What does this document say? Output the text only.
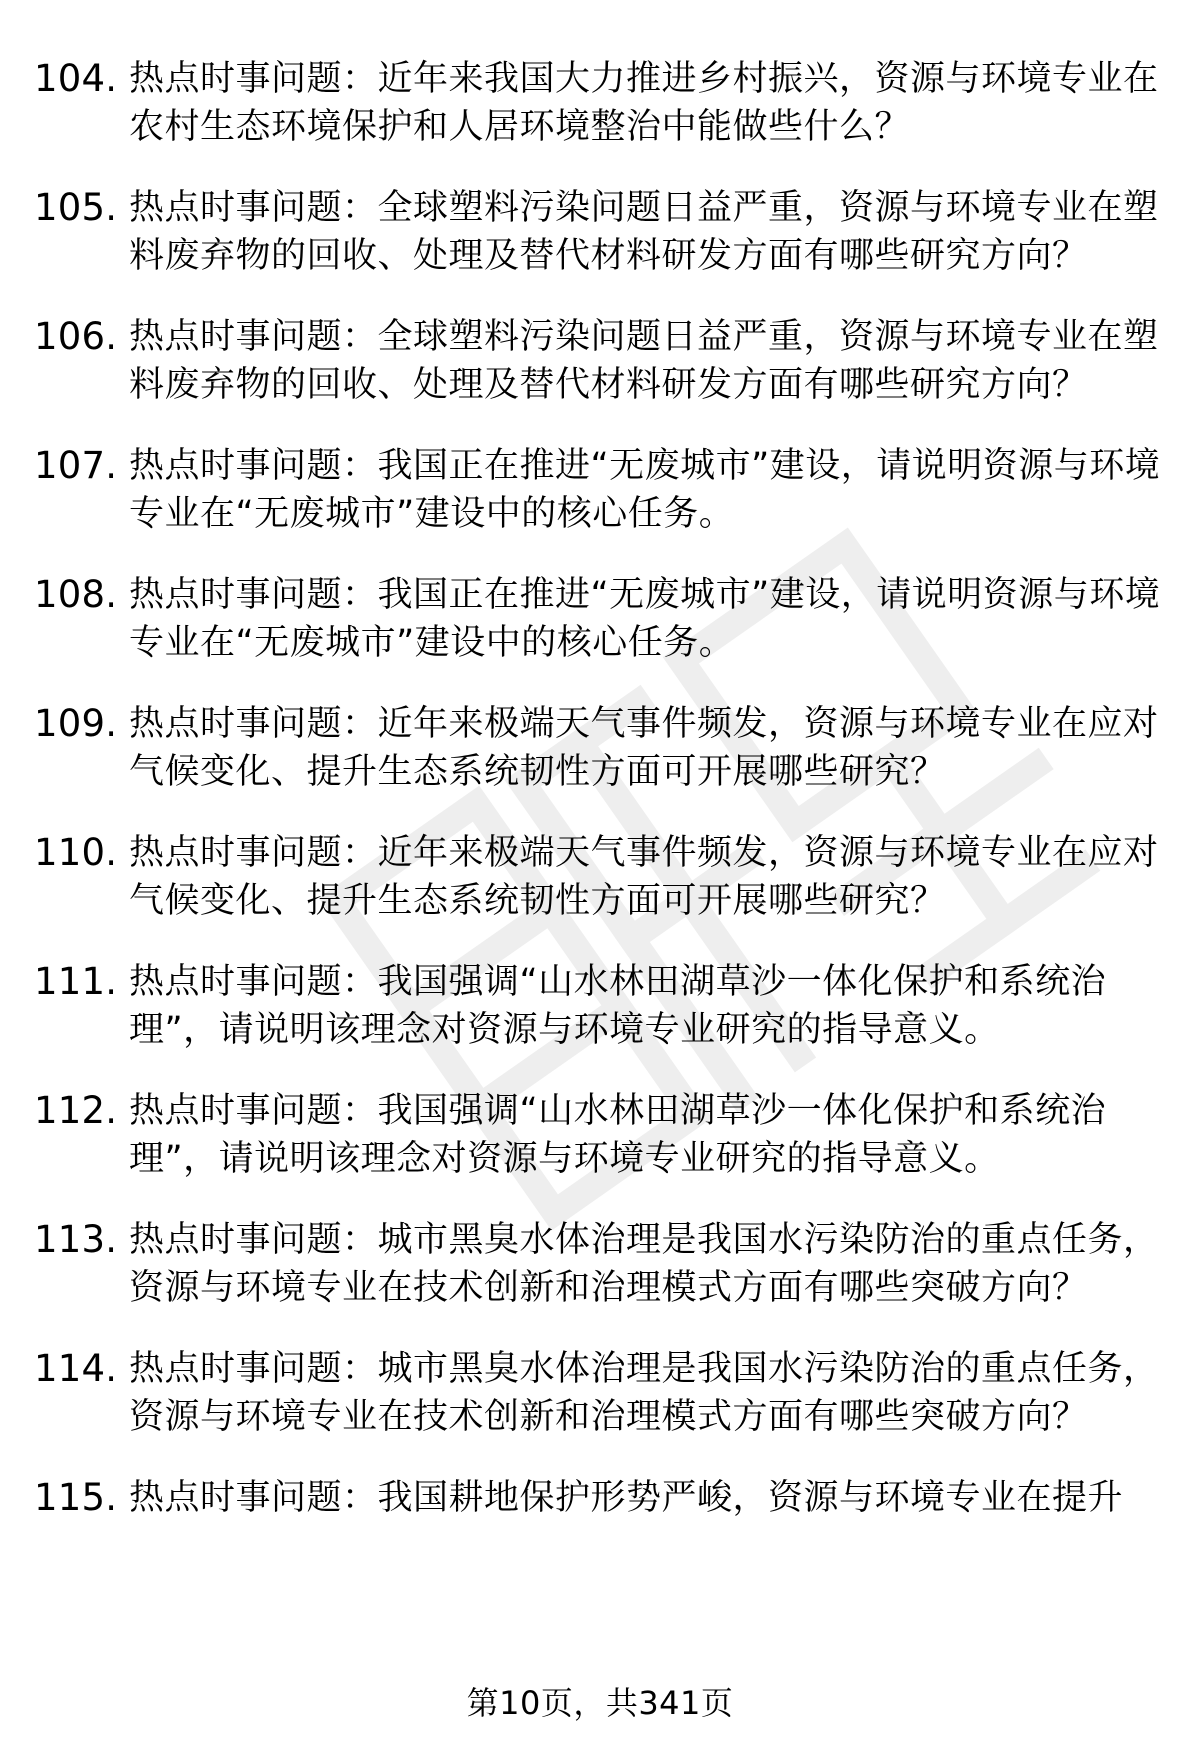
104. 热点时事问题：近年来我国大力推进乡村振兴，资源与环境专业在农村生态环境保护和人居环境整治中能做些什么？
105. 热点时事问题：全球塑料污染问题日益严重，资源与环境专业在塑料废弃物的回收、处理及替代材料研发方面有哪些研究方向？
106. 热点时事问题：全球塑料污染问题日益严重，资源与环境专业在塑料废弃物的回收、处理及替代材料研发方面有哪些研究方向？
107. 热点时事问题：我国正在推进“无废城市”建设，请说明资源与环境专业在“无废城市”建设中的核心任务。
108. 热点时事问题：我国正在推进“无废城市”建设，请说明资源与环境专业在“无废城市”建设中的核心任务。
109. 热点时事问题：近年来极端天气事件频发，资源与环境专业在应对气候变化、提升生态系统韧性方面可开展哪些研究？
110. 热点时事问题：近年来极端天气事件频发，资源与环境专业在应对气候变化、提升生态系统韧性方面可开展哪些研究？
111. 热点时事问题：我国强调“山水林田湖草沙一体化保护和系统治理”，请说明该理念对资源与环境专业研究的指导意义。
112. 热点时事问题：我国强调“山水林田湖草沙一体化保护和系统治理”，请说明该理念对资源与环境专业研究的指导意义。
113. 热点时事问题：城市黑臭水体治理是我国水污染防治的重点任务，资源与环境专业在技术创新和治理模式方面有哪些突破方向？
114. 热点时事问题：城市黑臭水体治理是我国水污染防治的重点任务，资源与环境专业在技术创新和治理模式方面有哪些突破方向？
115. 热点时事问题：我国耕地保护形势严峻，资源与环境专业在提升
第10页，共341页
